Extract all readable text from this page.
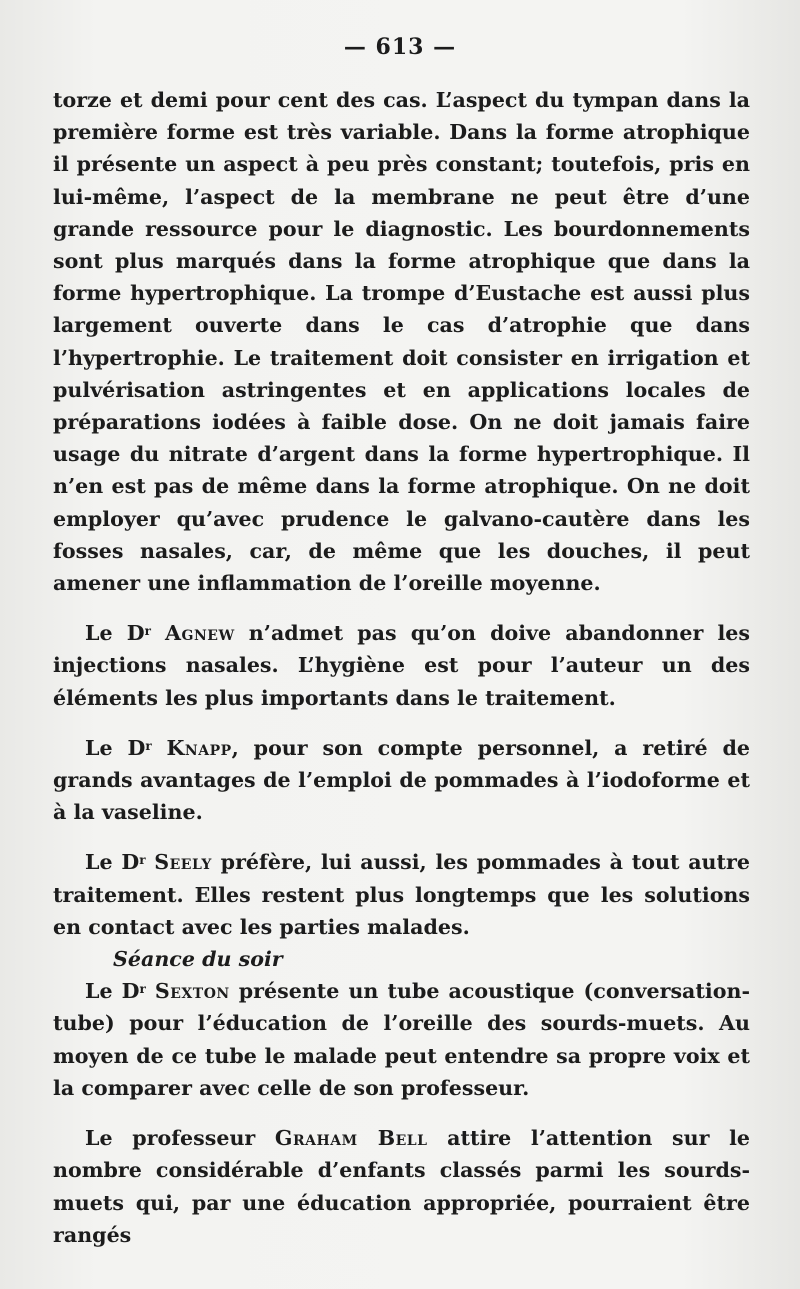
— 613 —

torze et demi pour cent des cas. L’aspect du tympan dans la première forme est très variable. Dans la forme atrophique il présente un aspect à peu près constant; toutefois, pris en lui-même, l’aspect de la membrane ne peut être d’une grande ressource pour le diagnostic. Les bourdonnements sont plus marqués dans la forme atrophique que dans la forme hypertrophique. La trompe d’Eustache est aussi plus largement ouverte dans le cas d’atrophie que dans l’hypertrophie. Le traitement doit consister en irrigation et pulvérisation astringentes et en applications locales de préparations iodées à faible dose. On ne doit jamais faire usage du nitrate d’argent dans la forme hypertrophique. Il n’en est pas de même dans la forme atrophique. On ne doit employer qu’avec prudence le galvano-cautère dans les fosses nasales, car, de même que les douches, il peut amener une inflammation de l’oreille moyenne.

Le $D^r$ Agnew n’admet pas qu’on doive abandonner les injections nasales. L’hygiène est pour l’auteur un des éléments les plus importants dans le traitement.

Le $D^r$ Knapp, pour son compte personnel, a retiré de grands avantages de l’emploi de pommades à l’iodoforme et à la vaseline.

Le $D^r$ Seely préfère, lui aussi, les pommades à tout autre traitement. Elles restent plus longtemps que les solutions en contact avec les parties malades.

Séance du soir

Le $D^r$ Sexton présente un tube acoustique (conversation-tube) pour l’éducation de l’oreille des sourds-muets. Au moyen de ce tube le malade peut entendre sa propre voix et la comparer avec celle de son professeur.

Le professeur Graham Bell attire l’attention sur le nombre considérable d’enfants classés parmi les sourds-muets qui, par une éducation appropriée, pourraient être rangés
